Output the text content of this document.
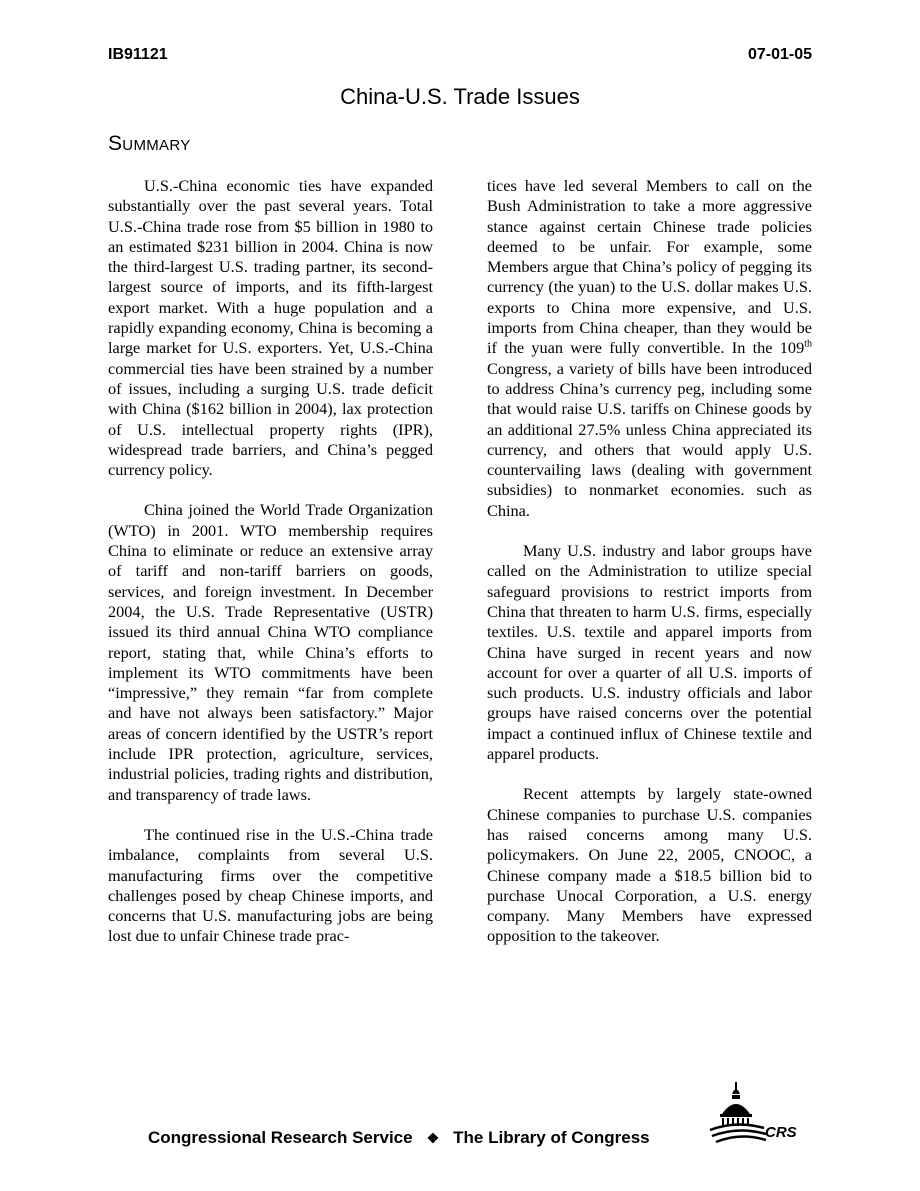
IB91121	07-01-05
China-U.S. Trade Issues
Summary

U.S.-China economic ties have expanded substantially over the past several years. Total U.S.-China trade rose from $5 billion in 1980 to an estimated $231 billion in 2004. China is now the third-largest U.S. trading partner, its second-largest source of imports, and its fifth-largest export market. With a huge population and a rapidly expanding economy, China is becoming a large market for U.S. exporters. Yet, U.S.-China commercial ties have been strained by a number of issues, including a surging U.S. trade deficit with China ($162 billion in 2004), lax protection of U.S. intellectual property rights (IPR), widespread trade barriers, and China’s pegged currency policy.

China joined the World Trade Organization (WTO) in 2001. WTO membership requires China to eliminate or reduce an extensive array of tariff and non-tariff barriers on goods, services, and foreign investment. In December 2004, the U.S. Trade Representative (USTR) issued its third annual China WTO compliance report, stating that, while China’s efforts to implement its WTO commitments have been “impressive,” they remain “far from complete and have not always been satisfactory.” Major areas of concern identified by the USTR’s report include IPR protection, agriculture, services, industrial policies, trading rights and distribution, and transparency of trade laws.

The continued rise in the U.S.-China trade imbalance, complaints from several U.S. manufacturing firms over the competitive challenges posed by cheap Chinese imports, and concerns that U.S. manufacturing jobs are being lost due to unfair Chinese trade prac-

tices have led several Members to call on the Bush Administration to take a more aggressive stance against certain Chinese trade policies deemed to be unfair. For example, some Members argue that China’s policy of pegging its currency (the yuan) to the U.S. dollar makes U.S. exports to China more expensive, and U.S. imports from China cheaper, than they would be if the yuan were fully convertible. In the 109th Congress, a variety of bills have been introduced to address China’s currency peg, including some that would raise U.S. tariffs on Chinese goods by an additional 27.5% unless China appreciated its currency, and others that would apply U.S. countervailing laws (dealing with government subsidies) to nonmarket economies. such as China.

Many U.S. industry and labor groups have called on the Administration to utilize special safeguard provisions to restrict imports from China that threaten to harm U.S. firms, especially textiles. U.S. textile and apparel imports from China have surged in recent years and now account for over a quarter of all U.S. imports of such products. U.S. industry officials and labor groups have raised concerns over the potential impact a continued influx of Chinese textile and apparel products.

Recent attempts by largely state-owned Chinese companies to purchase U.S. companies has raised concerns among many U.S. policymakers. On June 22, 2005, CNOOC, a Chinese company made a $18.5 billion bid to purchase Unocal Corporation, a U.S. energy company. Many Members have expressed opposition to the takeover.

Congressional Research Service ❖ The Library of Congress	CRS
